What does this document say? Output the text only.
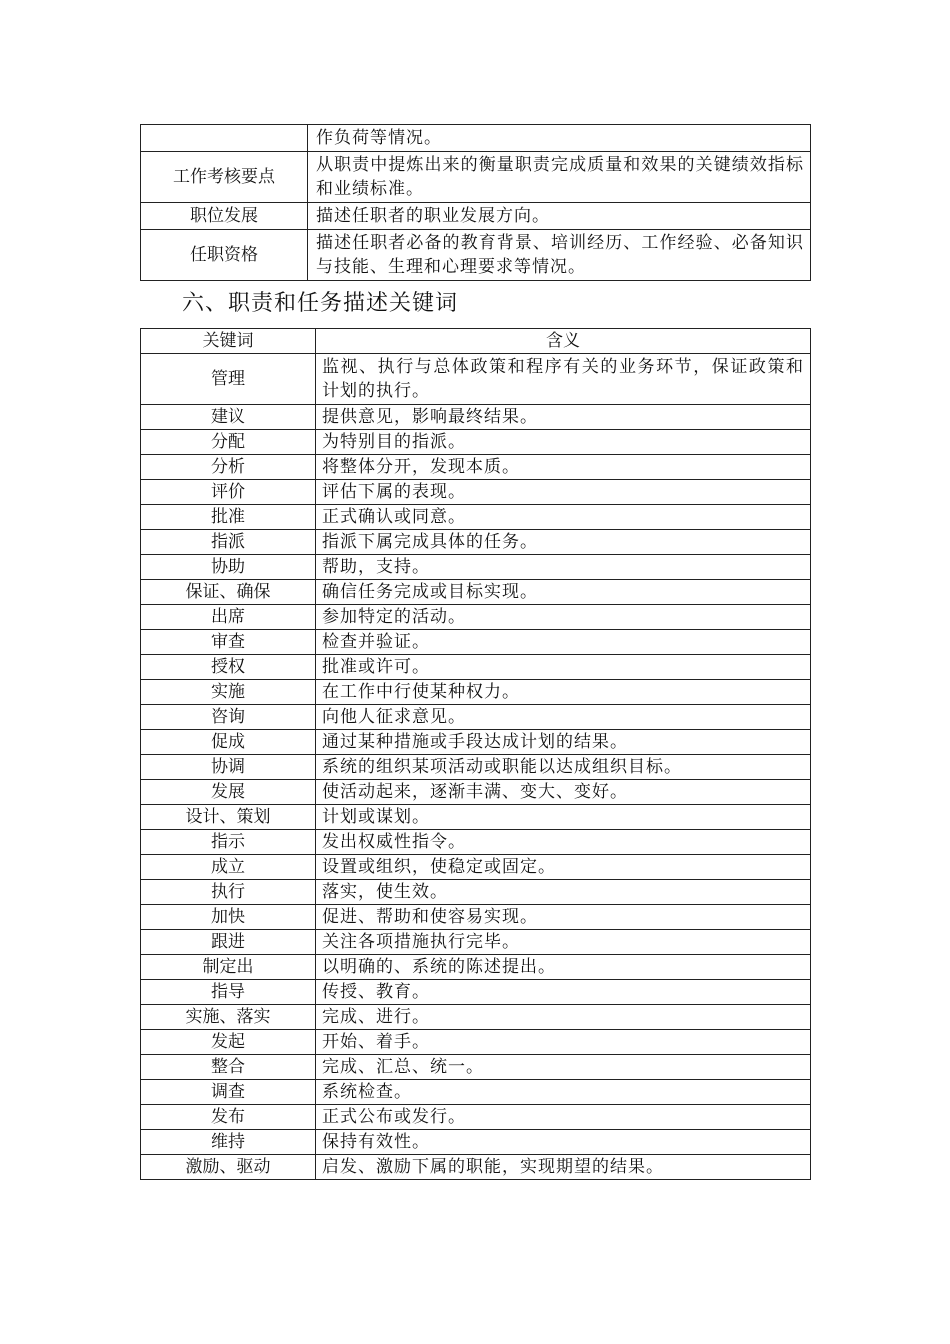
	作负荷等情况。
工作考核要点	从职责中提炼出来的衡量职责完成质量和效果的关键绩效指标和业绩标准。
职位发展	描述任职者的职业发展方向。
任职资格	描述任职者必备的教育背景、培训经历、工作经验、必备知识与技能、生理和心理要求等情况。
六、职责和任务描述关键词
关键词	含义
管理	监视、执行与总体政策和程序有关的业务环节，保证政策和计划的执行。
建议	提供意见，影响最终结果。
分配	为特别目的指派。
分析	将整体分开，发现本质。
评价	评估下属的表现。
批准	正式确认或同意。
指派	指派下属完成具体的任务。
协助	帮助，支持。
保证、确保	确信任务完成或目标实现。
出席	参加特定的活动。
审查	检查并验证。
授权	批准或许可。
实施	在工作中行使某种权力。
咨询	向他人征求意见。
促成	通过某种措施或手段达成计划的结果。
协调	系统的组织某项活动或职能以达成组织目标。
发展	使活动起来，逐渐丰满、变大、变好。
设计、策划	计划或谋划。
指示	发出权威性指令。
成立	设置或组织，使稳定或固定。
执行	落实，使生效。
加快	促进、帮助和使容易实现。
跟进	关注各项措施执行完毕。
制定出	以明确的、系统的陈述提出。
指导	传授、教育。
实施、落实	完成、进行。
发起	开始、着手。
整合	完成、汇总、统一。
调查	系统检查。
发布	正式公布或发行。
维持	保持有效性。
激励、驱动	启发、激励下属的职能，实现期望的结果。
